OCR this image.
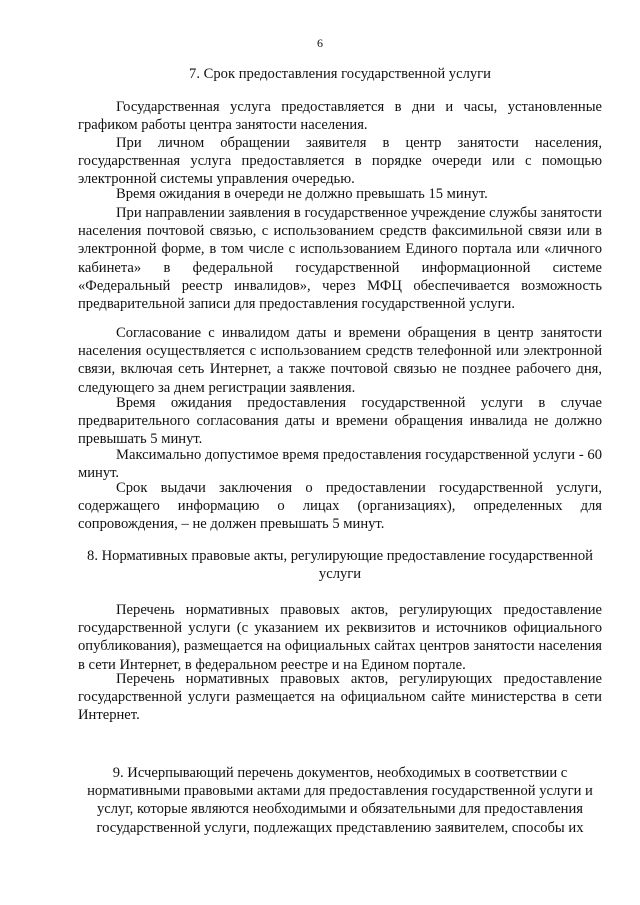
6
7. Срок предоставления государственной услуги
Государственная услуга предоставляется в дни и часы, установленные графиком работы центра занятости населения.
При личном обращении заявителя в центр занятости населения, государственная услуга предоставляется в порядке очереди или с помощью электронной системы управления очередью.
Время ожидания в очереди не должно превышать 15 минут.
При направлении заявления в государственное учреждение службы занятости населения почтовой связью, с использованием средств факсимильной связи или в электронной форме, в том числе с использованием Единого портала или «личного кабинета» в федеральной государственной информационной системе «Федеральный реестр инвалидов», через МФЦ обеспечивается возможность предварительной записи для предоставления государственной услуги.
Согласование с инвалидом даты и времени обращения в центр занятости населения осуществляется с использованием средств телефонной или электронной связи, включая сеть Интернет, а также почтовой связью не позднее рабочего дня, следующего за днем регистрации заявления.
Время ожидания предоставления государственной услуги в случае предварительного согласования даты и времени обращения инвалида не должно превышать 5 минут.
Максимально допустимое время предоставления государственной услуги - 60 минут.
Срок выдачи заключения о предоставлении государственной услуги, содержащего информацию о лицах (организациях), определенных для сопровождения, – не должен превышать 5 минут.
8. Нормативных правовые акты, регулирующие предоставление государственной услуги
Перечень нормативных правовых актов, регулирующих предоставление государственной услуги (с указанием их реквизитов и источников официального опубликования), размещается на официальных сайтах центров занятости населения в сети Интернет, в федеральном реестре и на Едином портале.
Перечень нормативных правовых актов, регулирующих предоставление государственной услуги размещается на официальном сайте министерства в сети Интернет.
9. Исчерпывающий перечень документов, необходимых в соответствии с нормативными правовыми актами для предоставления государственной услуги и услуг, которые являются необходимыми и обязательными для предоставления государственной услуги, подлежащих представлению заявителем, способы их
